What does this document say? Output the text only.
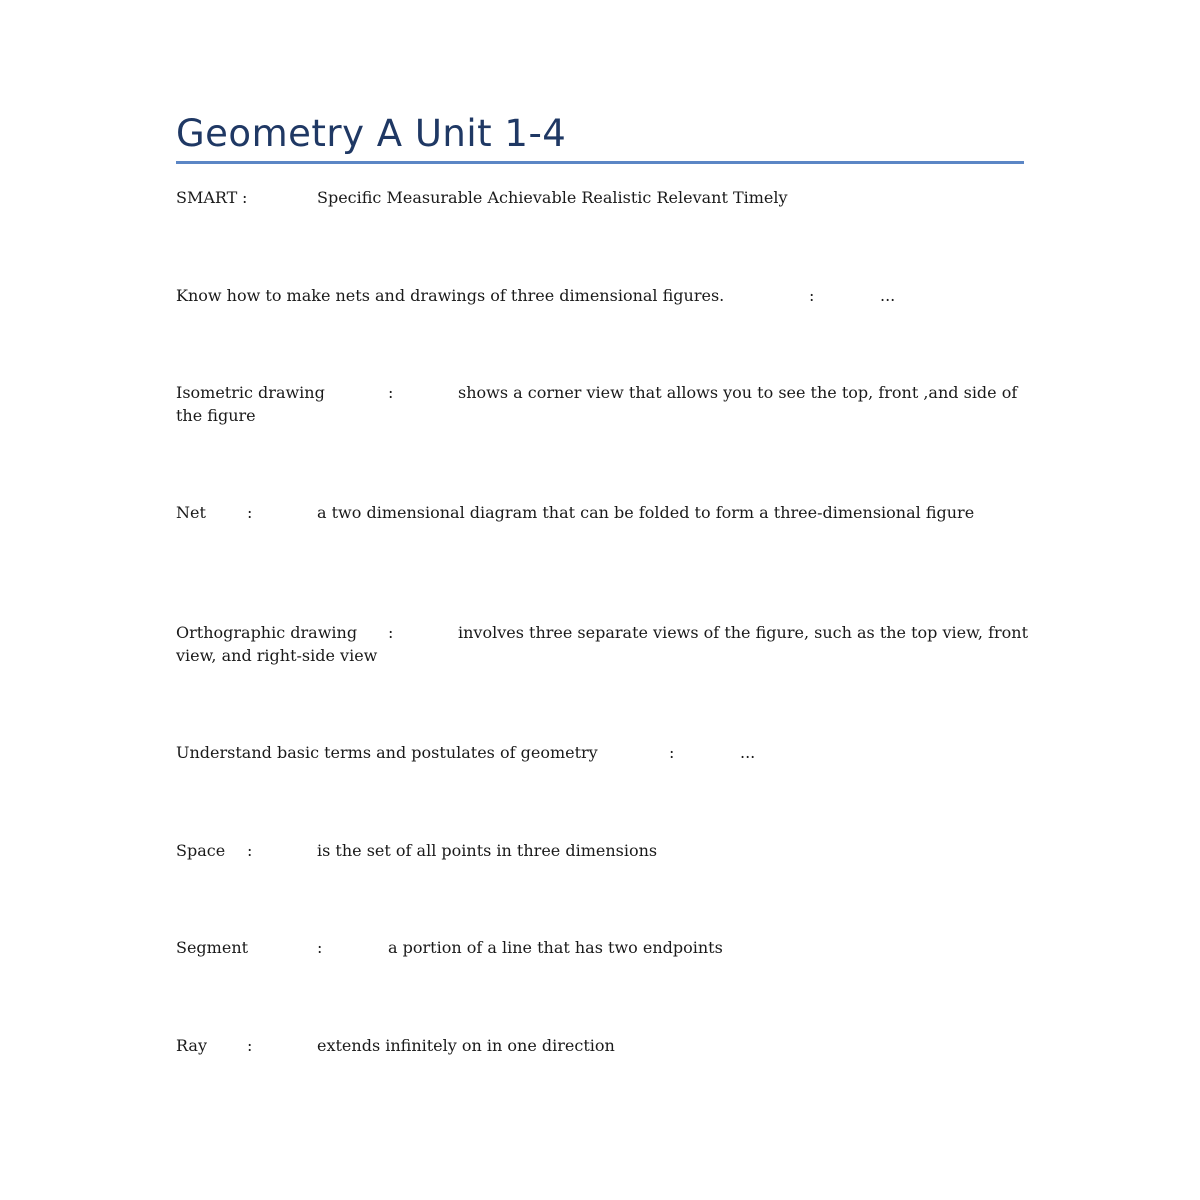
Geometry A Unit 1-4
SMART :	Specific Measurable Achievable Realistic Relevant Timely
Know how to make nets and drawings of three dimensional figures.	:	...
Isometric drawing	:	shows a corner view that allows you to see the top, front ,and side of the figure
Net	:	a two dimensional diagram that can be folded to form a three-dimensional figure
Orthographic drawing :	involves three separate views of the figure, such as the top view, front view, and right-side view
Understand basic terms and postulates of geometry	:	...
Space :	is the set of all points in three dimensions
Segment	:	a portion of a line that has two endpoints
Ray	:	extends infinitely on in one direction
